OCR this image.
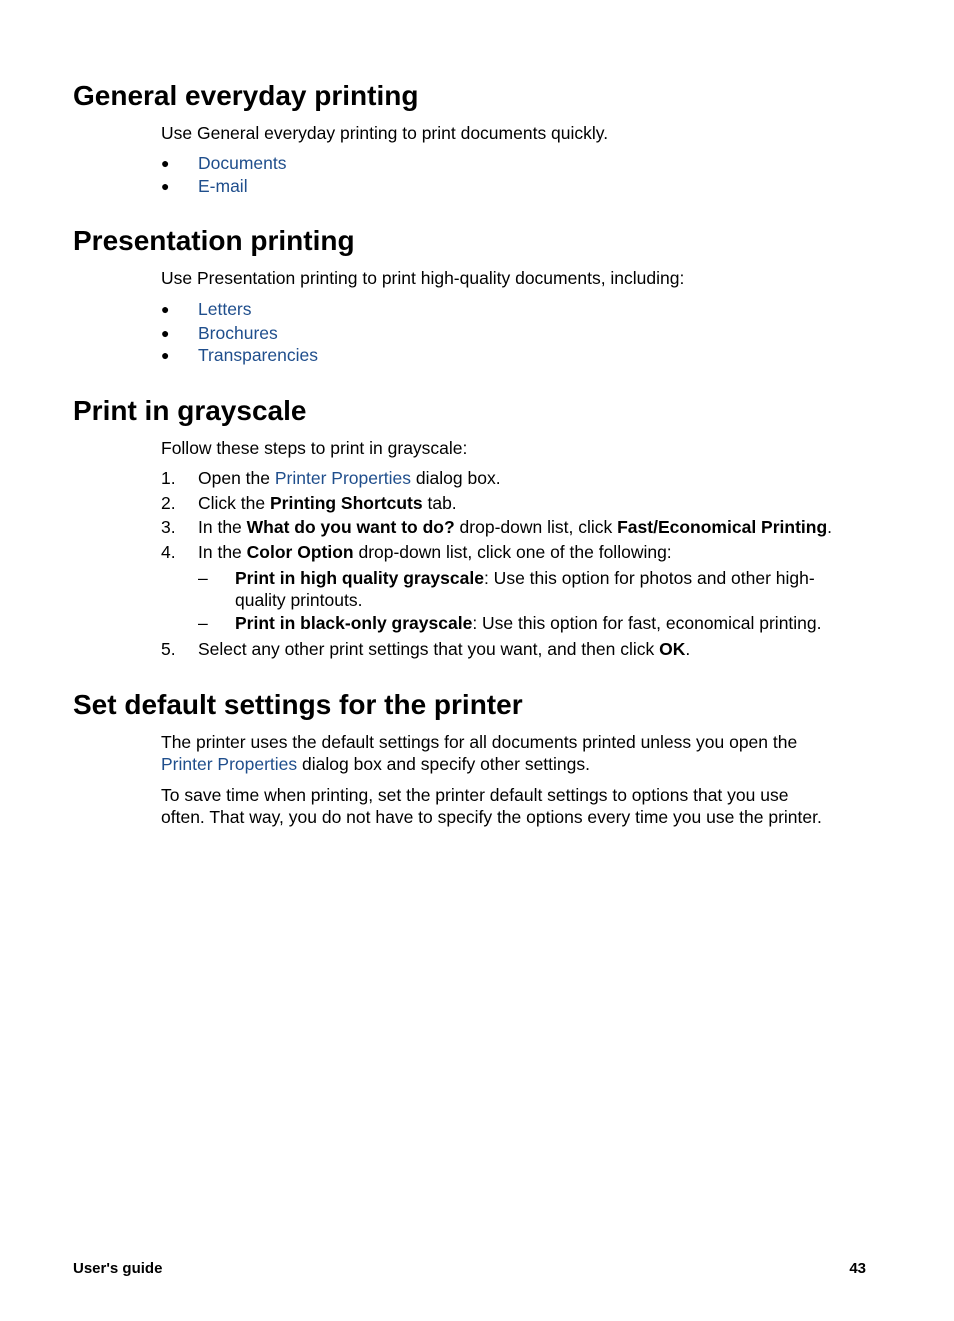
General everyday printing
Use General everyday printing to print documents quickly.
● Documents
● E-mail
Presentation printing
Use Presentation printing to print high-quality documents, including:
● Letters
● Brochures
● Transparencies
Print in grayscale
Follow these steps to print in grayscale:
1. Open the Printer Properties dialog box.
2. Click the Printing Shortcuts tab.
3. In the What do you want to do? drop-down list, click Fast/Economical Printing.
4. In the Color Option drop-down list, click one of the following:
– Print in high quality grayscale: Use this option for photos and other high-quality printouts.
– Print in black-only grayscale: Use this option for fast, economical printing.
5. Select any other print settings that you want, and then click OK.
Set default settings for the printer
The printer uses the default settings for all documents printed unless you open the
Printer Properties dialog box and specify other settings.
To save time when printing, set the printer default settings to options that you use
often. That way, you do not have to specify the options every time you use the printer.
User's guide	43
